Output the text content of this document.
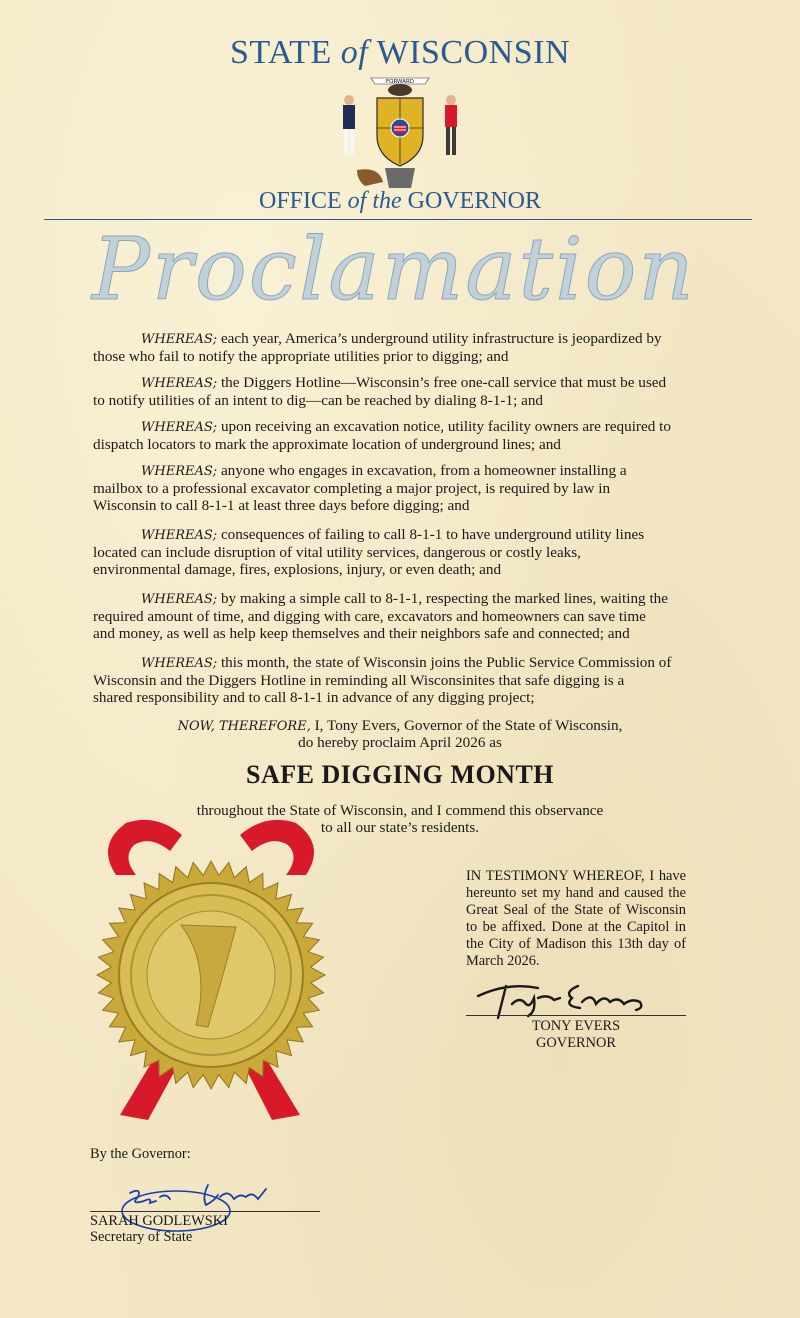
STATE of WISCONSIN
FORWARD
OFFICE of the GOVERNOR
Proclamation
WHEREAS; each year, America’s underground utility infrastructure is jeopardized by
those who fail to notify the appropriate utilities prior to digging; and
WHEREAS; the Diggers Hotline—Wisconsin’s free one-call service that must be used
to notify utilities of an intent to dig—can be reached by dialing 8-1-1; and
WHEREAS; upon receiving an excavation notice, utility facility owners are required to
dispatch locators to mark the approximate location of underground lines; and
WHEREAS; anyone who engages in excavation, from a homeowner installing a
mailbox to a professional excavator completing a major project, is required by law in
Wisconsin to call 8-1-1 at least three days before digging; and
WHEREAS; consequences of failing to call 8-1-1 to have underground utility lines
located can include disruption of vital utility services, dangerous or costly leaks,
environmental damage, fires, explosions, injury, or even death; and
WHEREAS; by making a simple call to 8-1-1, respecting the marked lines, waiting the
required amount of time, and digging with care, excavators and homeowners can save time
and money, as well as help keep themselves and their neighbors safe and connected; and
WHEREAS; this month, the state of Wisconsin joins the Public Service Commission of
Wisconsin and the Diggers Hotline in reminding all Wisconsinites that safe digging is a
shared responsibility and to call 8-1-1 in advance of any digging project;
NOW, THEREFORE, I, Tony Evers, Governor of the State of Wisconsin,
do hereby proclaim April 2026 as
SAFE DIGGING MONTH
throughout the State of Wisconsin, and I commend this observance
to all our state’s residents.
IN TESTIMONY WHEREOF, I have hereunto set my hand and caused the Great Seal of the State of Wisconsin to be affixed. Done at the Capitol in the City of Madison this 13th day of March 2026.
TONY EVERS
GOVERNOR
By the Governor:
SARAH GODLEWSKI
Secretary of State
